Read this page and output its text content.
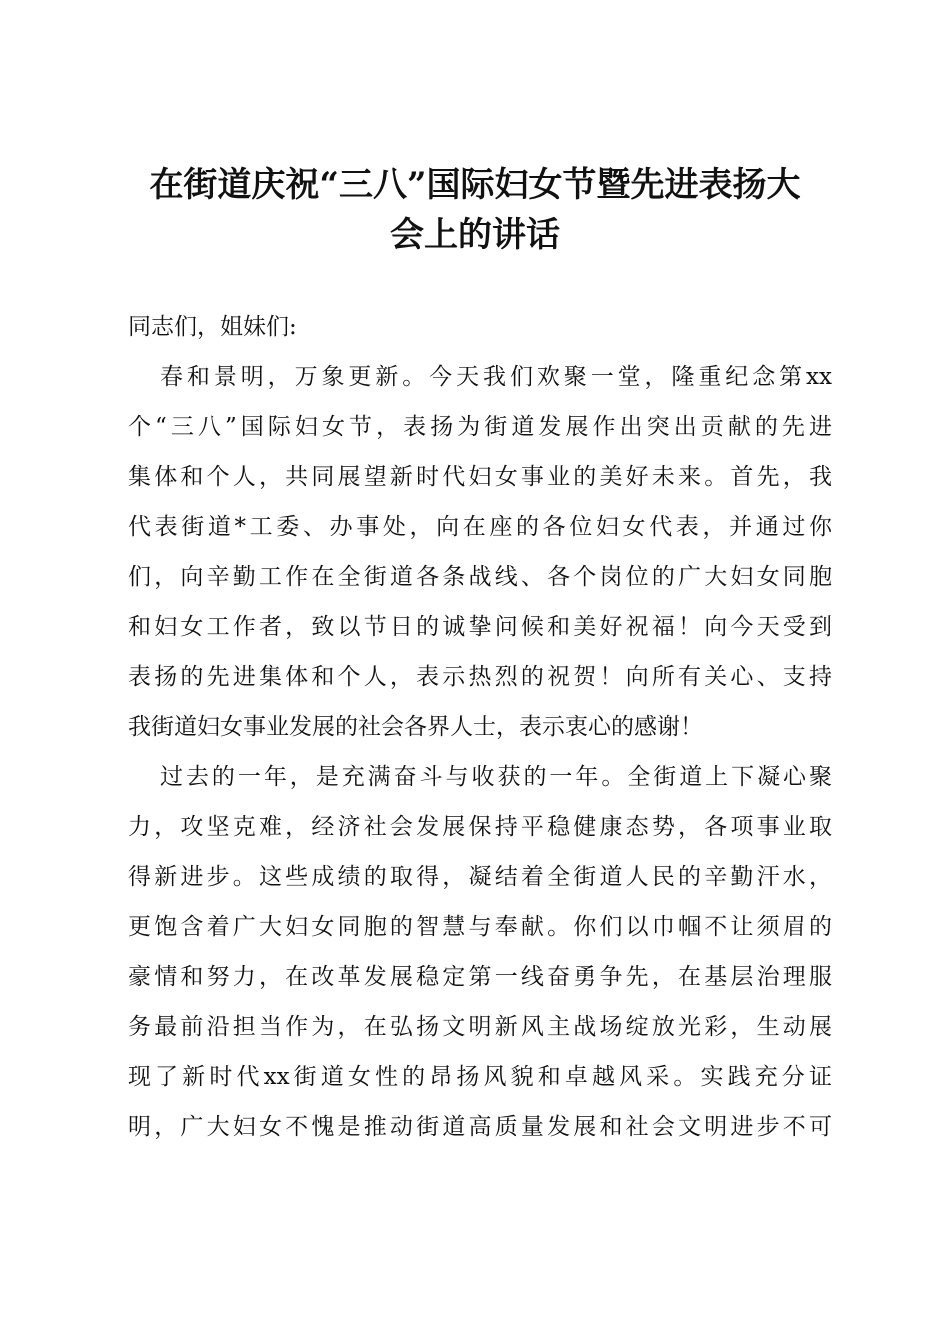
在街道庆祝“三八”国际妇女节暨先进表扬大
会上的讲话
同志们，姐妹们:
春和景明，万象更新。今天我们欢聚一堂，隆重纪念第xx
个“三八”国际妇女节，表扬为街道发展作出突出贡献的先进
集体和个人，共同展望新时代妇女事业的美好未来。首先，我
代表街道*工委、办事处，向在座的各位妇女代表，并通过你
们，向辛勤工作在全街道各条战线、各个岗位的广大妇女同胞
和妇女工作者，致以节日的诚挚问候和美好祝福！向今天受到
表扬的先进集体和个人，表示热烈的祝贺！向所有关心、支持
我街道妇女事业发展的社会各界人士，表示衷心的感谢！
过去的一年，是充满奋斗与收获的一年。全街道上下凝心聚
力，攻坚克难，经济社会发展保持平稳健康态势，各项事业取
得新进步。这些成绩的取得，凝结着全街道人民的辛勤汗水，
更饱含着广大妇女同胞的智慧与奉献。你们以巾帼不让须眉的
豪情和努力，在改革发展稳定第一线奋勇争先，在基层治理服
务最前沿担当作为，在弘扬文明新风主战场绽放光彩，生动展
现了新时代xx街道女性的昂扬风貌和卓越风采。实践充分证
明，广大妇女不愧是推动街道高质量发展和社会文明进步不可
